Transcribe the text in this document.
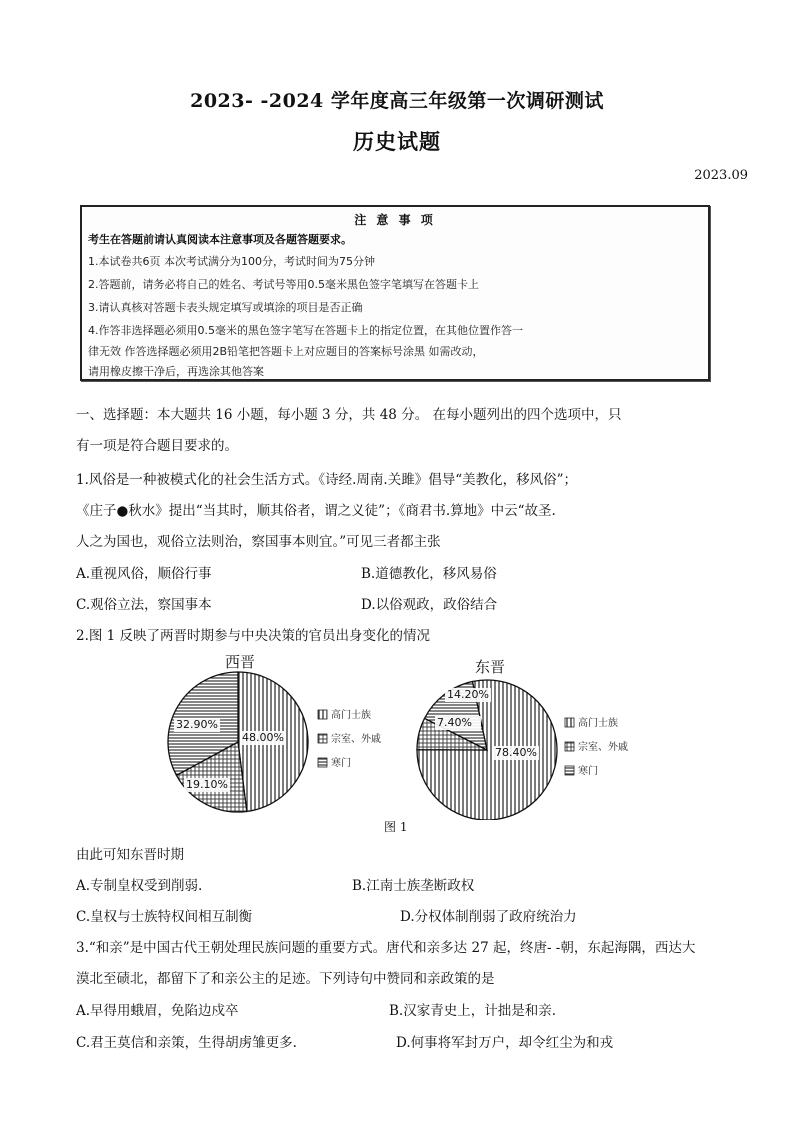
2023- -2024 学年度高三年级第一次调研测试
历史试题
2023.09
注 意 事 项
考生在答题前请认真阅读本注意事项及各题答题要求。
1.本试卷共6页 本次考试满分为100分，考试时间为75分钟
2.答题前，请务必将自己的姓名、考试号等用0.5毫米黑色签字笔填写在答题卡上
3.请认真核对答题卡表头规定填写或填涂的项目是否正确
4.作答非选择题必须用0.5毫米的黑色签字笔写在答题卡上的指定位置，在其他位置作答一
律无效 作答选择题必须用2B铅笔把答题卡上对应题目的答案标号涂黑 如需改动，
请用橡皮擦干净后，再选涂其他答案
一、选择题：本大题共 16 小题，每小题 3 分，共 48 分。 在每小题列出的四个选项中，只
有一项是符合题目要求的。
1.风俗是一种被模式化的社会生活方式。《诗经.周南.关雎》倡导“美教化，移风俗”；
《庄子●秋水》提出“当其时，顺其俗者，谓之义徒”；《商君书.算地》中云“故圣.
人之为国也，观俗立法则治，察国事本则宜。”可见三者都主张
A.重视风俗，顺俗行事	B.道德教化，移风易俗
C.观俗立法，察国事本	D.以俗观政，政俗结合
2.图 1 反映了两晋时期参与中央决策的官员出身变化的情况
48.00%
19.10%
32.90%
西晋
高门士族
宗室、外戚
寒门
78.40%
7.40%
14.20%
东晋
高门士族
宗室、外戚
寒门
图 1
由此可知东晋时期
A.专制皇权受到削弱.	B.江南士族垄断政权
C.皇权与士族特权间相互制衡	D.分权体制削弱了政府统治力
3.“和亲”是中国古代王朝处理民族问题的重要方式。唐代和亲多达 27 起，终唐- -朝，东起海隅，西达大
漠北至碛北，都留下了和亲公主的足迹。下列诗句中赞同和亲政策的是
A.早得用蛾眉，免陷边戍卒	B.汉家青史上，计拙是和亲.
C.君王莫信和亲策，生得胡虏雏更多.	D.何事将军封万户，却令红尘为和戎
